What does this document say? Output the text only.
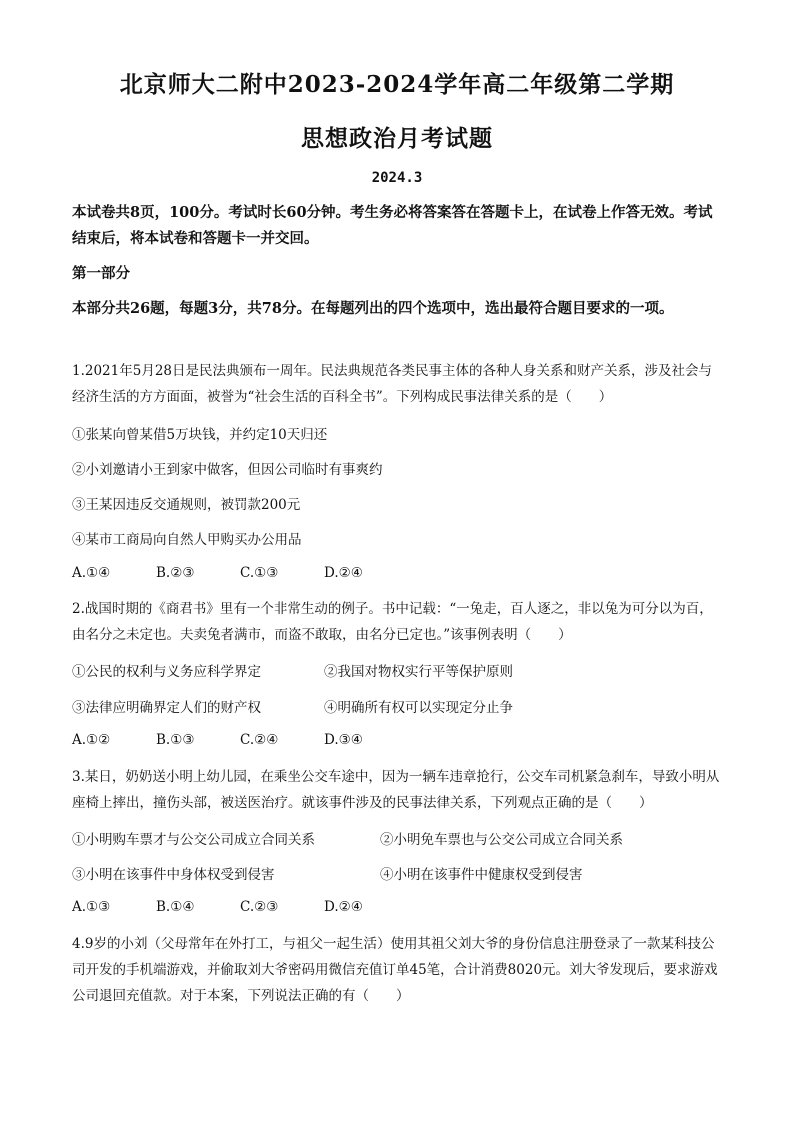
北京师大二附中2023-2024学年高二年级第二学期
思想政治月考试题
2024.3
本试卷共8页，100分。考试时长60分钟。考生务必将答案答在答题卡上，在试卷上作答无效。考试结束后，将本试卷和答题卡一并交回。
第一部分
本部分共26题，每题3分，共78分。在每题列出的四个选项中，选出最符合题目要求的一项。
1.2021年5月28日是民法典颁布一周年。民法典规范各类民事主体的各种人身关系和财产关系，涉及社会与经济生活的方方面面，被誉为“社会生活的百科全书”。下列构成民事法律关系的是（　　）
①张某向曾某借5万块钱，并约定10天归还
②小刘邀请小王到家中做客，但因公司临时有事爽约
③王某因违反交通规则，被罚款200元
④某市工商局向自然人甲购买办公用品
A.①④	B.②③	C.①③	D.②④
2.战国时期的《商君书》里有一个非常生动的例子。书中记载：“一兔走，百人逐之，非以兔为可分以为百，由名分之未定也。夫卖兔者满市，而盗不敢取，由名分已定也。”该事例表明（　　）
①公民的权利与义务应科学界定	②我国对物权实行平等保护原则
③法律应明确界定人们的财产权	④明确所有权可以实现定分止争
A.①②	B.①③	C.②④	D.③④
3.某日，奶奶送小明上幼儿园，在乘坐公交车途中，因为一辆车违章抢行，公交车司机紧急刹车，导致小明从座椅上摔出，撞伤头部，被送医治疗。就该事件涉及的民事法律关系，下列观点正确的是（　　）
①小明购车票才与公交公司成立合同关系	②小明免车票也与公交公司成立合同关系
③小明在该事件中身体权受到侵害	④小明在该事件中健康权受到侵害
A.①③	B.①④	C.②③	D.②④
4.9岁的小刘（父母常年在外打工，与祖父一起生活）使用其祖父刘大爷的身份信息注册登录了一款某科技公司开发的手机端游戏，并偷取刘大爷密码用微信充值订单45笔，合计消费8020元。刘大爷发现后，要求游戏公司退回充值款。对于本案，下列说法正确的有（　　）
